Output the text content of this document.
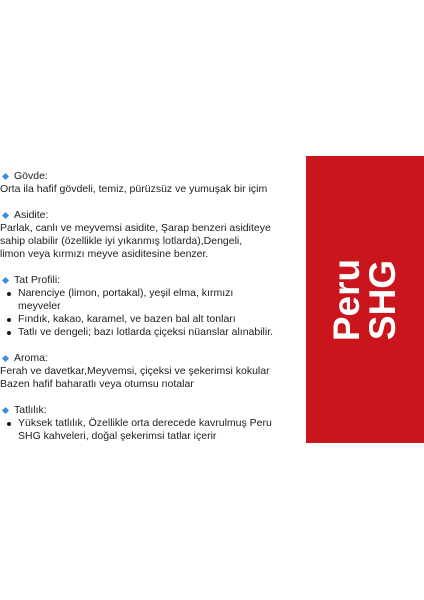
Gövde:

Orta ila hafif gövdeli, temiz, pürüzsüz ve yumuşak bir içim

Asidite:

Parlak, canlı ve meyvemsi asidite, Şarap benzeri asiditeye

sahip olabilir (özellikle iyi yıkanmış lotlarda),Dengeli,

limon veya kırmızı meyve asiditesine benzer.

Tat Profili:
Narenciye (limon, portakal), yeşil elma, kırmızı
meyveler
Fındık, kakao, karamel, ve bazen bal alt tonları
Tatlı ve dengeli; bazı lotlarda çiçeksi nüanslar alınabilir.
Aroma:

Ferah ve davetkar,Meyvemsi, çiçeksi ve şekerimsi kokular

Bazen hafif baharatlı veya otumsu notalar

Tatlılık:
Yüksek tatlılık, Özellikle orta derecede kavrulmuş Peru
SHG kahveleri, doğal şekerimsi tatlar içerir
Peru
SHG
